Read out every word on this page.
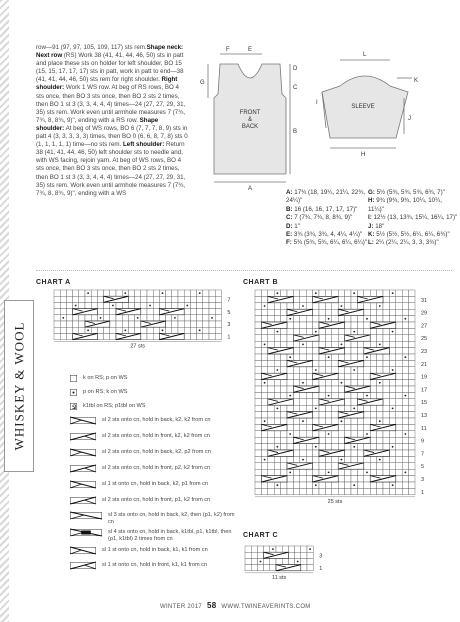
WHISKEY & WOOL
row—91 (97, 97, 105, 109, 117) sts rem.Shape neck: Next row (RS) Work 38 (41, 41, 44, 46, 50) sts in patt and place these sts on holder for left shoulder, BO 15 (15, 15, 17, 17, 17) sts in patt, work in patt to end—38 (41, 41, 44, 46, 50) sts rem for right shoulder. Right shoulder: Work 1 WS row. At beg of RS rows, BO 4 sts once, then BO 3 sts once, then BO 2 sts 2 times, then BO 1 st 3 (3, 3, 4, 4, 4) times—24 (27, 27, 29, 31, 35) sts rem. Work even until armhole measures 7 (7¾, 7¾, 8, 8¾, 9)", ending with a RS row. Shape shoulder: At beg of WS rows, BO 6 (7, 7, 7, 8, 9) sts in patt 4 (3, 3, 3, 3, 3) times, then BO 0 (6, 6, 8, 7, 8) sts 0 (1, 1, 1, 1, 1) time—no sts rem. Left shoulder: Return 38 (41, 41, 44, 46, 50) left shoulder sts to needle and, with WS facing, rejoin yarn. At beg of WS rows, BO 4 sts once, then BO 3 sts once, then BO 2 sts 2 times, then BO 1 st 3 (3, 3, 4, 4, 4) times—24 (27, 27, 29, 31, 35) sts rem. Work even until armhole measures 7 (7¾, 7¾, 8, 8¾, 9)", ending with a WS
F	E
G
D
C
B
A
L
K
I
J
H
FRONT
&
BACK
SLEEVE
A: 17¾ (18, 19¼, 21¼, 22¾, 24¼)"
B: 16 (16, 16, 17, 17, 17)"
C: 7 (7¾, 7¾, 8, 8¾, 9)"
D: 1"
E: 3¾ (3¾, 3¾, 4, 4¼, 4¼)"
F: 5¾ (5¾, 5¾, 6¼, 6¼, 6¼)"
G: 5½ (5¾, 5¾, 5¾, 6¾, 7)"
H: 9¾ (9¾, 9¾, 10¼, 10¼, 11¼)"
I: 12½ (13, 13¾, 15¼, 16¼, 17)"
J: 18"
K: 5½ (5½, 5½, 6¼, 6¼, 6¾)"
L: 2¼ (2¼, 2¼, 3, 3, 3¾)"
CHART A
7
5
3
1
27 sts
CHART B
31
29
27
25
23
21
19
17
15
13
11
9
7
5
3
1
25 sts
CHART C
3
1
11 sts
k on RS; p on WS
p on RS; k on WS
Ջ k1tbl on RS; p1tbl on WS
sl 2 sts onto cn, hold in back, k2, k2 from cn
sl 2 sts onto cn, hold in front, k2, k2 from cn
sl 2 sts onto cn, hold in back, k2, p2 from cn
sl 2 sts onto cn, hold in front, p2, k2 from cn
sl 1 st onto cn, hold in back, k2, p1 from cn
sl 2 sts onto cn, hold in front, p1, k2 from cn
sl 3 sts onto cn, hold in back, k2, then (p1, k2) from cn
sl 4 sts onto cn, hold in back, k1tbl, p1, k1tbl, then (p1, k1tbl) 2 times from cn
sl 1 st onto cn, hold in back, k1, k1 from cn
sl 1 st onto cn, hold in front, k1, k1 from cn
WINTER 2017 58 WWW.TWINEAVERINTS.COM
